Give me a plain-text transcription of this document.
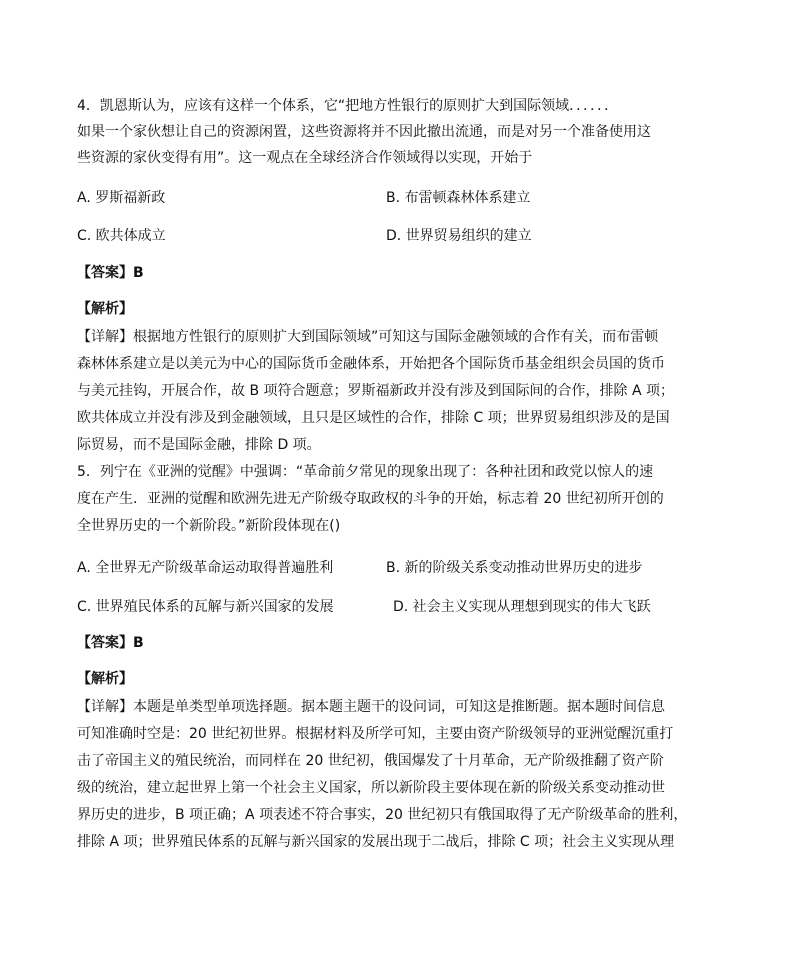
4．凯恩斯认为，应该有这样一个体系，它“把地方性银行的原则扩大到国际领域．．．．．．
如果一个家伙想让自己的资源闲置，这些资源将并不因此撤出流通，而是对另一个准备使用这
些资源的家伙变得有用”。这一观点在全球经济合作领域得以实现，开始于
A. 罗斯福新政	B. 布雷顿森林体系建立
C. 欧共体成立	D. 世界贸易组织的建立
【答案】B
【解析】
【详解】根据地方性银行的原则扩大到国际领域”可知这与国际金融领域的合作有关，而布雷顿
森林体系建立是以美元为中心的国际货币金融体系，开始把各个国际货币基金组织会员国的货币
与美元挂钩，开展合作，故 B 项符合题意；罗斯福新政并没有涉及到国际间的合作，排除 A 项；
欧共体成立并没有涉及到金融领域，且只是区域性的合作，排除 C 项；世界贸易组织涉及的是国
际贸易，而不是国际金融，排除 D 项。
5．列宁在《亚洲的觉醒》中强调：“革命前夕常见的现象出现了：各种社团和政党以惊人的速
度在产生．亚洲的觉醒和欧洲先进无产阶级夺取政权的斗争的开始，标志着 20 世纪初所开创的
全世界历史的一个新阶段。”新阶段体现在()
A. 全世界无产阶级革命运动取得普遍胜利	B. 新的阶级关系变动推动世界历史的进步
C. 世界殖民体系的瓦解与新兴国家的发展	D. 社会主义实现从理想到现实的伟大飞跃
【答案】B
【解析】
【详解】本题是单类型单项选择题。据本题主题干的设问词，可知这是推断题。据本题时间信息
可知准确时空是：20 世纪初世界。根据材料及所学可知，主要由资产阶级领导的亚洲觉醒沉重打
击了帝国主义的殖民统治，而同样在 20 世纪初，俄国爆发了十月革命，无产阶级推翻了资产阶
级的统治，建立起世界上第一个社会主义国家，所以新阶段主要体现在新的阶级关系变动推动世
界历史的进步，B 项正确；A 项表述不符合事实，20 世纪初只有俄国取得了无产阶级革命的胜利，
排除 A 项；世界殖民体系的瓦解与新兴国家的发展出现于二战后，排除 C 项；社会主义实现从理
